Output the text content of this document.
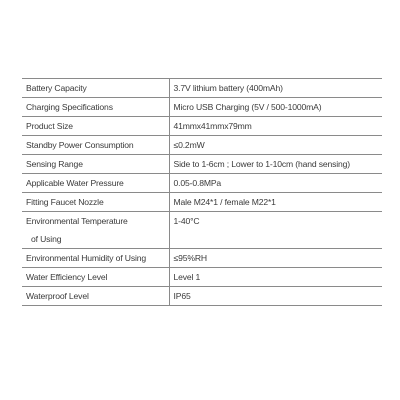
Battery Capacity	3.7V lithium battery (400mAh)
Charging Specifications	Micro USB Charging (5V / 500-1000mA)
Product Size	41mmx41mmx79mm
Standby Power Consumption	≤0.2mW
Sensing Range	Side to 1-6cm ; Lower to 1-10cm (hand sensing)
Applicable Water Pressure	0.05-0.8MPa
Fitting Faucet Nozzle	Male M24*1 / female M22*1

Environmental Temperature
of Using	1-40°C

Environmental Humidity of Using	≤95%RH
Water Efficiency Level	Level 1
Waterproof Level	IP65
